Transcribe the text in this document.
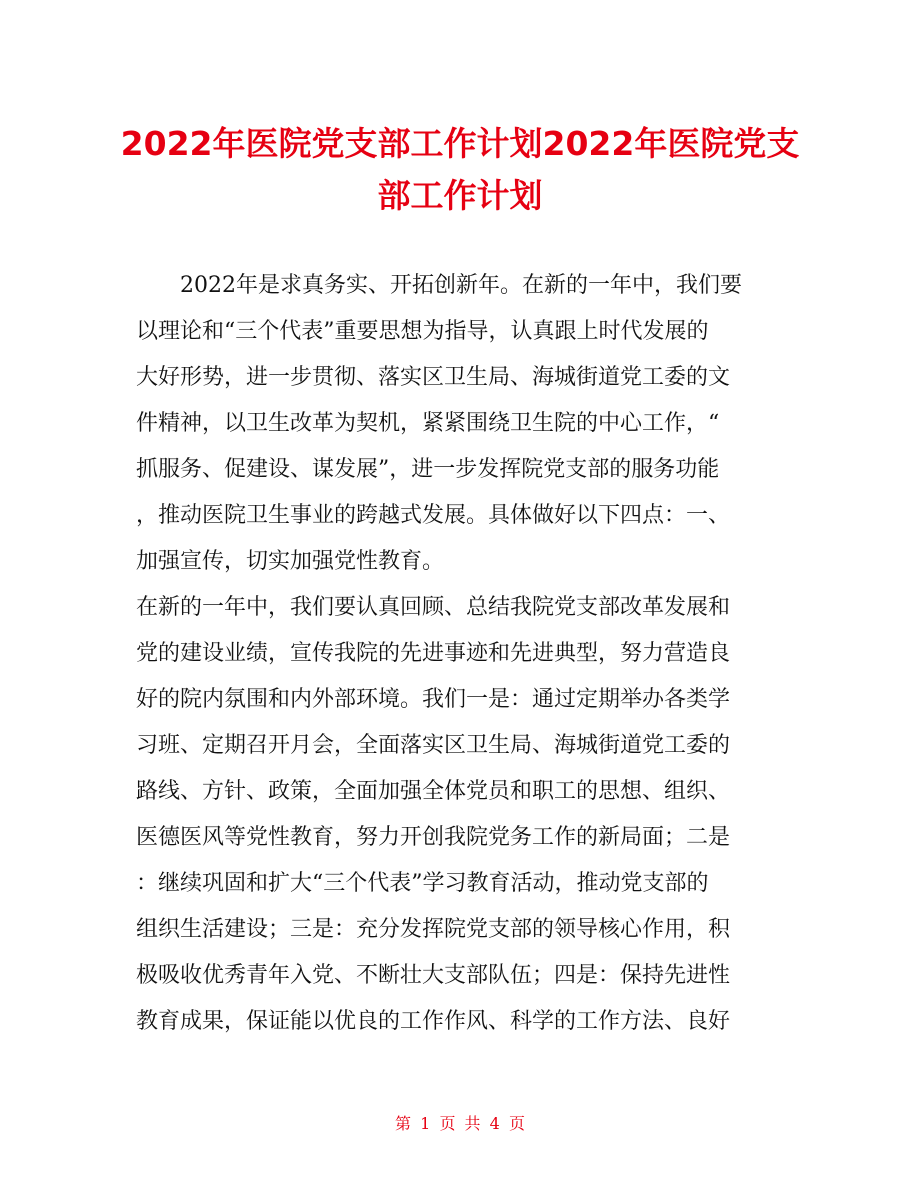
2022年医院党支部工作计划2022年医院党支
部工作计划
2022年是求真务实、开拓创新年。在新的一年中，我们要
以理论和“三个代表”重要思想为指导，认真跟上时代发展的
大好形势，进一步贯彻、落实区卫生局、海城街道党工委的文
件精神，以卫生改革为契机，紧紧围绕卫生院的中心工作，“
抓服务、促建设、谋发展”，进一步发挥院党支部的服务功能
，推动医院卫生事业的跨越式发展。具体做好以下四点：一、
加强宣传，切实加强党性教育。
在新的一年中，我们要认真回顾、总结我院党支部改革发展和
党的建设业绩，宣传我院的先进事迹和先进典型，努力营造良
好的院内氛围和内外部环境。我们一是：通过定期举办各类学
习班、定期召开月会，全面落实区卫生局、海城街道党工委的
路线、方针、政策，全面加强全体党员和职工的思想、组织、
医德医风等党性教育，努力开创我院党务工作的新局面；二是
：继续巩固和扩大“三个代表”学习教育活动，推动党支部的
组织生活建设；三是：充分发挥院党支部的领导核心作用，积
极吸收优秀青年入党、不断壮大支部队伍；四是：保持先进性
教育成果，保证能以优良的工作作风、科学的工作方法、良好
第 1 页 共 4 页
